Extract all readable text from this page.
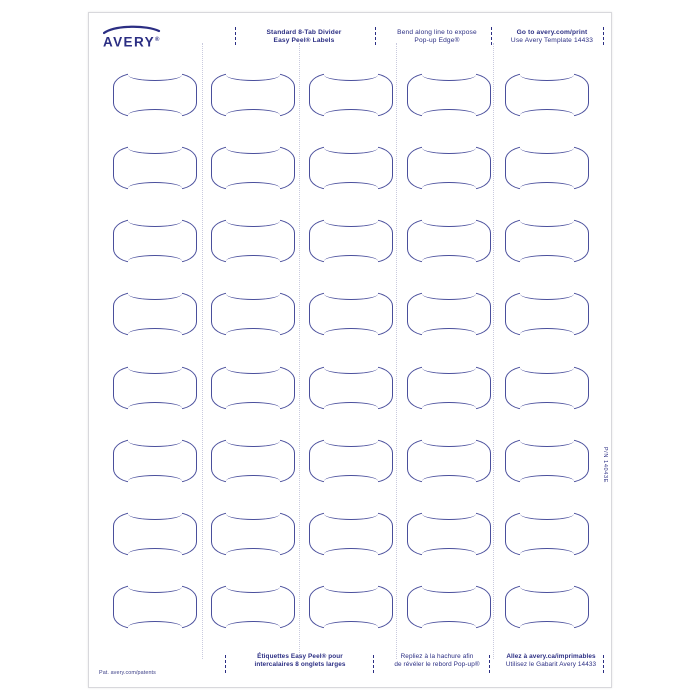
AVERY®
Standard 8-Tab Divider
Easy Peel® Labels
Bend along line to expose
Pop-up Edge®
Go to avery.com/print
Use Avery Template 14433
P/N 14043E
Pat. avery.com/patents
Étiquettes Easy Peel® pour
intercalaires 8 onglets larges
Repliez à la hachure afin
de révéler le rebord Pop-up®
Allez à avery.ca/imprimables
Utilisez le Gabarit Avery 14433
